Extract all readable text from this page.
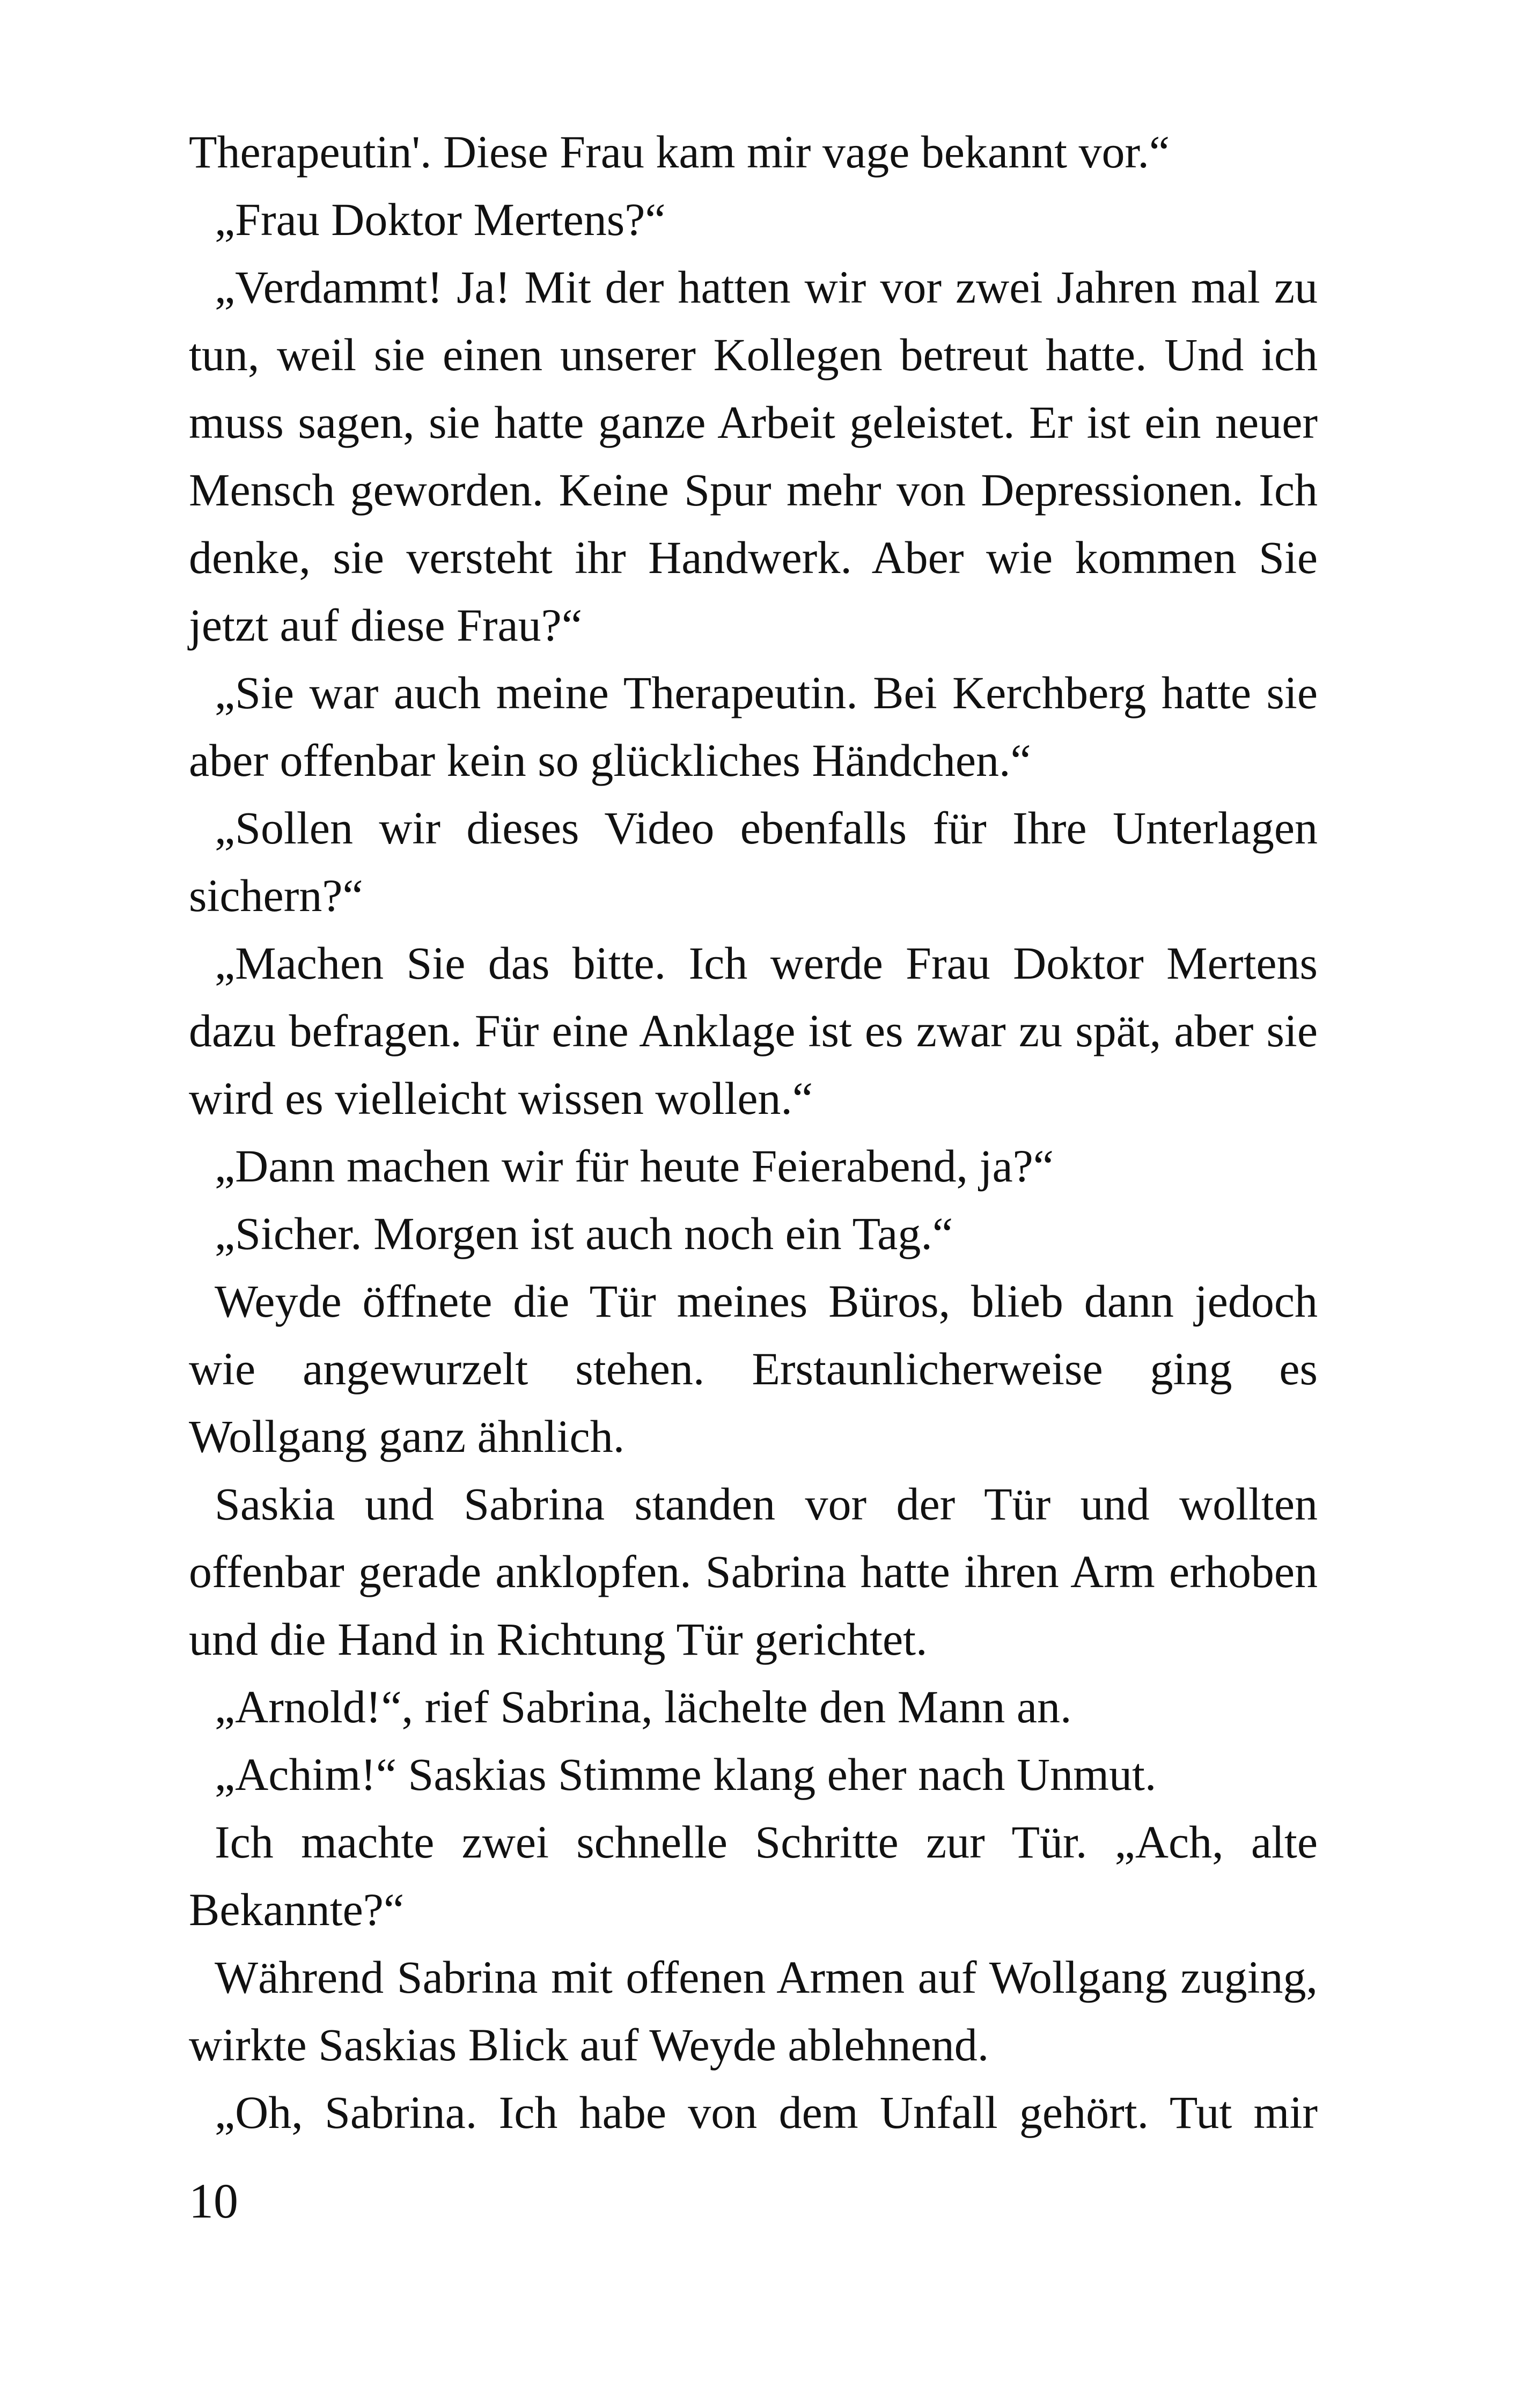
Therapeutin'. Diese Frau kam mir vage bekannt vor.“

„Frau Doktor Mertens?“

„Verdammt! Ja! Mit der hatten wir vor zwei Jahren mal zu tun, weil sie einen unserer Kollegen betreut hatte. Und ich muss sagen, sie hatte ganze Arbeit geleistet. Er ist ein neuer Mensch geworden. Keine Spur mehr von Depressionen. Ich denke, sie versteht ihr Handwerk. Aber wie kommen Sie jetzt auf diese Frau?“

„Sie war auch meine Therapeutin. Bei Kerchberg hatte sie aber offenbar kein so glückliches Händchen.“

„Sollen wir dieses Video ebenfalls für Ihre Unterlagen sichern?“

„Machen Sie das bitte. Ich werde Frau Doktor Mertens dazu befragen. Für eine Anklage ist es zwar zu spät, aber sie wird es vielleicht wissen wollen.“

„Dann machen wir für heute Feierabend, ja?“

„Sicher. Morgen ist auch noch ein Tag.“

Weyde öffnete die Tür meines Büros, blieb dann jedoch wie angewurzelt stehen. Erstaunlicherweise ging es Wollgang ganz ähnlich.

Saskia und Sabrina standen vor der Tür und wollten offenbar gerade anklopfen. Sabrina hatte ihren Arm erhoben und die Hand in Richtung Tür gerichtet.

„Arnold!“, rief Sabrina, lächelte den Mann an.

„Achim!“ Saskias Stimme klang eher nach Unmut.

Ich machte zwei schnelle Schritte zur Tür. „Ach, alte Bekannte?“

Während Sabrina mit offenen Armen auf Wollgang zuging, wirkte Saskias Blick auf Weyde ablehnend.

„Oh, Sabrina. Ich habe von dem Unfall gehört. Tut mir

10
